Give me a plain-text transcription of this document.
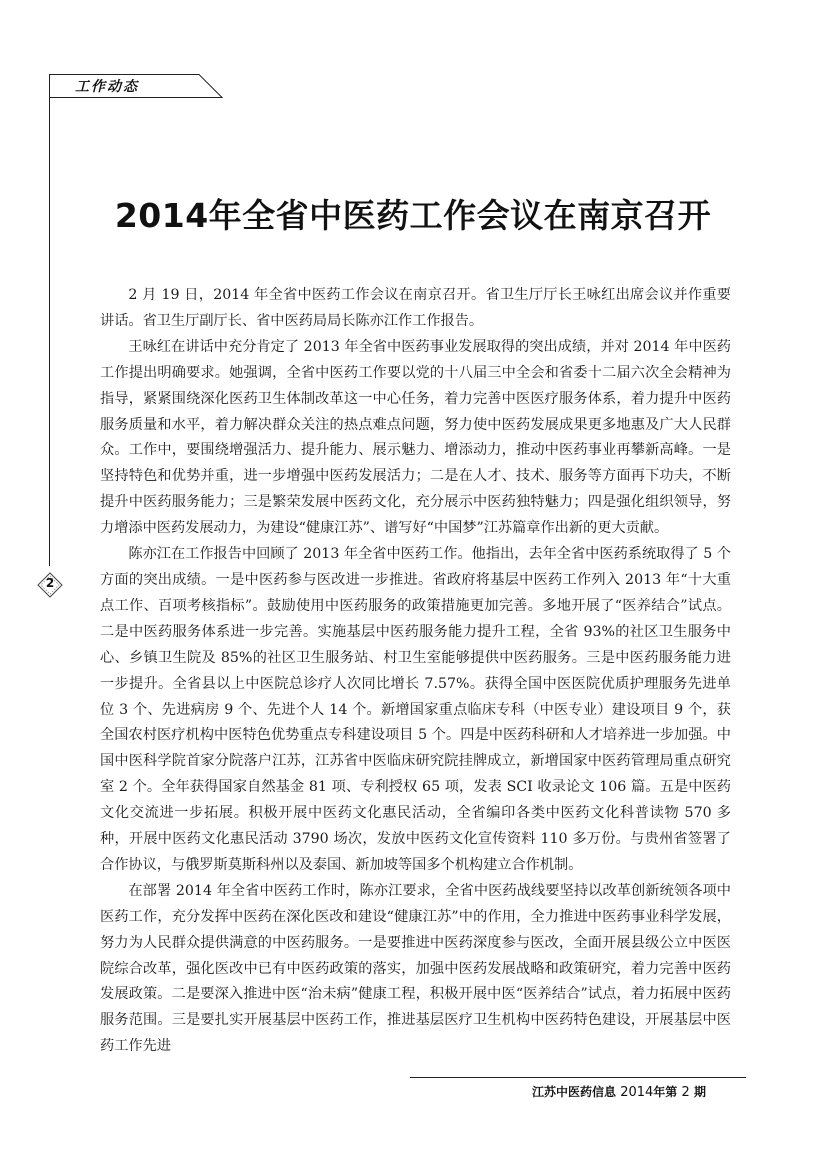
工作动态
2
2014年全省中医药工作会议在南京召开

2 月 19 日，2014 年全省中医药工作会议在南京召开。省卫生厅厅长王咏红出席会议并作重要讲话。省卫生厅副厅长、省中医药局局长陈亦江作工作报告。

王咏红在讲话中充分肯定了 2013 年全省中医药事业发展取得的突出成绩，并对 2014 年中医药工作提出明确要求。她强调，全省中医药工作要以党的十八届三中全会和省委十二届六次全会精神为指导，紧紧围绕深化医药卫生体制改革这一中心任务，着力完善中医医疗服务体系，着力提升中医药服务质量和水平，着力解决群众关注的热点难点问题，努力使中医药发展成果更多地惠及广大人民群众。工作中，要围绕增强活力、提升能力、展示魅力、增添动力，推动中医药事业再攀新高峰。一是坚持特色和优势并重，进一步增强中医药发展活力；二是在人才、技术、服务等方面再下功夫，不断提升中医药服务能力；三是繁荣发展中医药文化，充分展示中医药独特魅力；四是强化组织领导，努力增添中医药发展动力，为建设“健康江苏”、谱写好“中国梦”江苏篇章作出新的更大贡献。

陈亦江在工作报告中回顾了 2013 年全省中医药工作。他指出，去年全省中医药系统取得了 5 个方面的突出成绩。一是中医药参与医改进一步推进。省政府将基层中医药工作列入 2013 年“十大重点工作、百项考核指标”。鼓励使用中医药服务的政策措施更加完善。多地开展了“医养结合”试点。二是中医药服务体系进一步完善。实施基层中医药服务能力提升工程，全省 93%的社区卫生服务中心、乡镇卫生院及 85%的社区卫生服务站、村卫生室能够提供中医药服务。三是中医药服务能力进一步提升。全省县以上中医院总诊疗人次同比增长 7.57%。获得全国中医医院优质护理服务先进单位 3 个、先进病房 9 个、先进个人 14 个。新增国家重点临床专科（中医专业）建设项目 9 个，获全国农村医疗机构中医特色优势重点专科建设项目 5 个。四是中医药科研和人才培养进一步加强。中国中医科学院首家分院落户江苏，江苏省中医临床研究院挂牌成立，新增国家中医药管理局重点研究室 2 个。全年获得国家自然基金 81 项、专利授权 65 项，发表 SCI 收录论文 106 篇。五是中医药文化交流进一步拓展。积极开展中医药文化惠民活动，全省编印各类中医药文化科普读物 570 多种，开展中医药文化惠民活动 3790 场次，发放中医药文化宣传资料 110 多万份。与贵州省签署了合作协议，与俄罗斯莫斯科州以及泰国、新加坡等国多个机构建立合作机制。

在部署 2014 年全省中医药工作时，陈亦江要求，全省中医药战线要坚持以改革创新统领各项中医药工作，充分发挥中医药在深化医改和建设“健康江苏”中的作用，全力推进中医药事业科学发展，努力为人民群众提供满意的中医药服务。一是要推进中医药深度参与医改，全面开展县级公立中医医院综合改革，强化医改中已有中医药政策的落实，加强中医药发展战略和政策研究，着力完善中医药发展政策。二是要深入推进中医“治未病”健康工程，积极开展中医“医养结合”试点，着力拓展中医药服务范围。三是要扎实开展基层中医药工作，推进基层医疗卫生机构中医药特色建设，开展基层中医药工作先进

江苏中医药信息 2014年第 2 期
